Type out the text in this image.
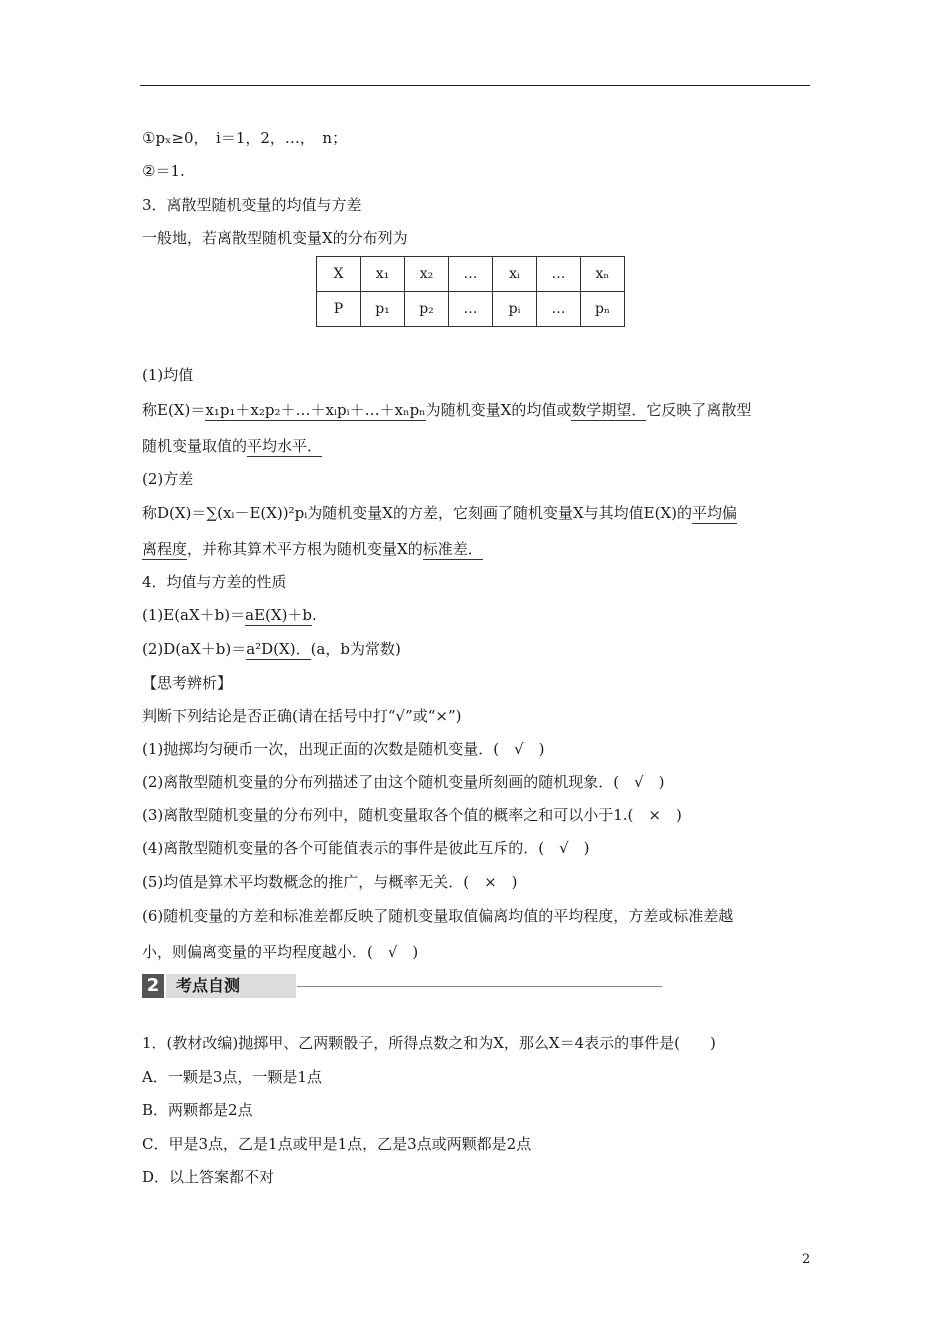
①pₓ≥0，　i＝1，2，…，　n；
②＝1.
3．离散型随机变量的均值与方差
一般地，若离散型随机变量X的分布列为
X	x₁	x₂	…	xᵢ	…	xₙ
P	p₁	p₂	…	pᵢ	…	pₙ
(1)均值
称E(X)＝x₁p₁＋x₂p₂＋…＋xᵢpᵢ＋…＋xₙpₙ为随机变量X的均值或数学期望．它反映了离散型
随机变量取值的平均水平．
(2)方差
称D(X)＝∑(xᵢ－E(X))²pᵢ为随机变量X的方差，它刻画了随机变量X与其均值E(X)的平均偏
离程度，并称其算术平方根为随机变量X的标准差．
4．均值与方差的性质
(1)E(aX＋b)＝aE(X)＋b.
(2)D(aX＋b)＝a²D(X)．(a，b为常数)
【思考辨析】
判断下列结论是否正确(请在括号中打“√”或“×”)
(1)抛掷均匀硬币一次，出现正面的次数是随机变量．(　√　)
(2)离散型随机变量的分布列描述了由这个随机变量所刻画的随机现象．(　√　)
(3)离散型随机变量的分布列中，随机变量取各个值的概率之和可以小于1.(　×　)
(4)离散型随机变量的各个可能值表示的事件是彼此互斥的．(　√　)
(5)均值是算术平均数概念的推广，与概率无关．(　×　)
(6)随机变量的方差和标准差都反映了随机变量取值偏离均值的平均程度，方差或标准差越
小，则偏离变量的平均程度越小．(　√　)
2	考点自测
1．(教材改编)抛掷甲、乙两颗骰子，所得点数之和为X，那么X＝4表示的事件是(　　)
A．一颗是3点，一颗是1点
B．两颗都是2点
C．甲是3点，乙是1点或甲是1点，乙是3点或两颗都是2点
D．以上答案都不对
2
